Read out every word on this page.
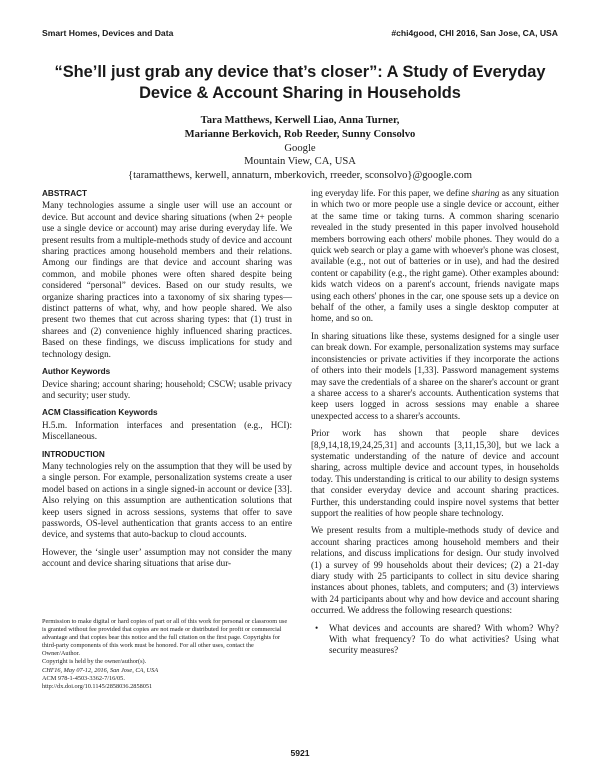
Smart Homes, Devices and Data	#chi4good, CHI 2016, San Jose, CA, USA
“She’ll just grab any device that’s closer”: A Study of Everyday Device & Account Sharing in Households
Tara Matthews, Kerwell Liao, Anna Turner,
Marianne Berkovich, Rob Reeder, Sunny Consolvo
Google
Mountain View, CA, USA
{taramatthews, kerwell, annaturn, mberkovich, rreeder, sconsolvo}@google.com
ABSTRACT

Many technologies assume a single user will use an account or device. But account and device sharing situations (when 2+ people use a single device or account) may arise during everyday life. We present results from a multiple-methods study of device and account sharing practices among household members and their relations. Among our findings are that device and account sharing was common, and mobile phones were often shared despite being considered “personal” devices. Based on our study results, we organize sharing practices into a taxonomy of six sharing types—distinct patterns of what, why, and how people shared. We also present two themes that cut across sharing types: that (1) trust in sharees and (2) convenience highly influenced sharing practices. Based on these findings, we discuss implications for study and technology design.

Author Keywords

Device sharing; account sharing; household; CSCW; usable privacy and security; user study.

ACM Classification Keywords

H.5.m. Information interfaces and presentation (e.g., HCI): Miscellaneous.

INTRODUCTION

Many technologies rely on the assumption that they will be used by a single person. For example, personalization systems create a user model based on actions in a single signed-in account or device [33]. Also relying on this assumption are authentication solutions that keep users signed in across sessions, systems that offer to save passwords, OS-level authentication that grants access to an entire device, and systems that auto-backup to cloud accounts.

However, the ‘single user’ assumption may not consider the many account and device sharing situations that arise dur-

Permission to make digital or hard copies of part or all of this work for personal or classroom use is granted without fee provided that copies are not made or distributed for profit or commercial advantage and that copies bear this notice and the full citation on the first page. Copyrights for third-party components of this work must be honored. For all other uses, contact the Owner/Author.
Copyright is held by the owner/author(s).
CHI'16, May 07-12, 2016, San Jose, CA, USA
ACM 978-1-4503-3362-7/16/05.
http://dx.doi.org/10.1145/2858036.2858051

ing everyday life. For this paper, we define sharing as any situation in which two or more people use a single device or account, either at the same time or taking turns. A common sharing scenario revealed in the study presented in this paper involved household members borrowing each others' mobile phones. They would do a quick web search or play a game with whoever's phone was closest, available (e.g., not out of batteries or in use), and had the desired content or capability (e.g., the right game). Other examples abound: kids watch videos on a parent's account, friends navigate maps using each others' phones in the car, one spouse sets up a device on behalf of the other, a family uses a single desktop computer at home, and so on.

In sharing situations like these, systems designed for a single user can break down. For example, personalization systems may surface inconsistencies or private activities if they incorporate the actions of others into their models [1,33]. Password management systems may save the credentials of a sharee on the sharer's account or grant a sharee access to a sharer's accounts. Authentication systems that keep users logged in across sessions may enable a sharee unexpected access to a sharer's accounts.

Prior work has shown that people share devices [8,9,14,18,19,24,25,31] and accounts [3,11,15,30], but we lack a systematic understanding of the nature of device and account sharing, across multiple device and account types, in households today. This understanding is critical to our ability to design systems that consider everyday device and account sharing practices. Further, this understanding could inspire novel systems that better support the realities of how people share technology.

We present results from a multiple-methods study of device and account sharing practices among household members and their relations, and discuss implications for design. Our study involved (1) a survey of 99 households about their devices; (2) a 21-day diary study with 25 participants to collect in situ device sharing instances about phones, tablets, and computers; and (3) interviews with 24 participants about why and how device and account sharing occurred. We address the following research questions:

•	What devices and accounts are shared? With whom? Why? With what frequency? To do what activities? Using what security measures?
5921
